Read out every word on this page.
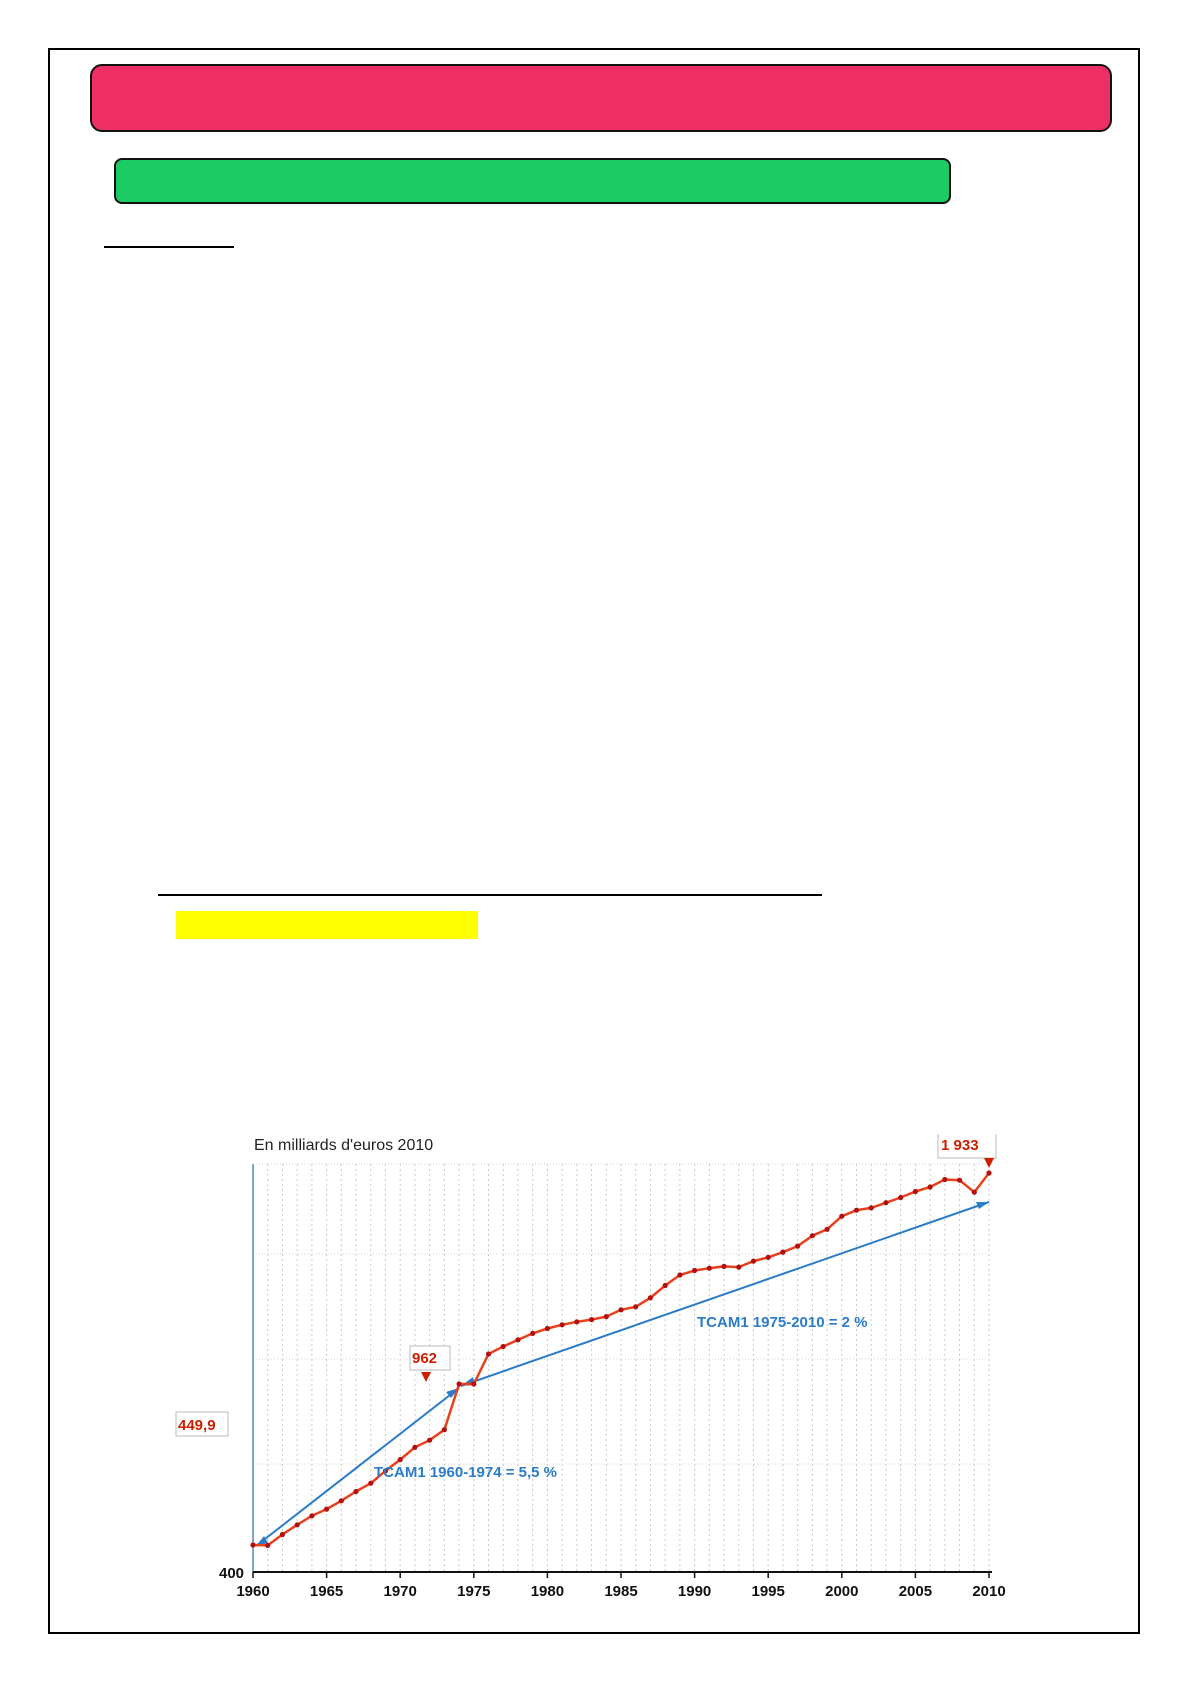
En milliards d'euros 2010
400
1960	1965	1970	1975	1980	1985	1990	1995	2000	2005	2010
TCAM1 1960-1974 = 5,5 %
TCAM1 1975-2010 = 2 %
449,9
962
1 933
